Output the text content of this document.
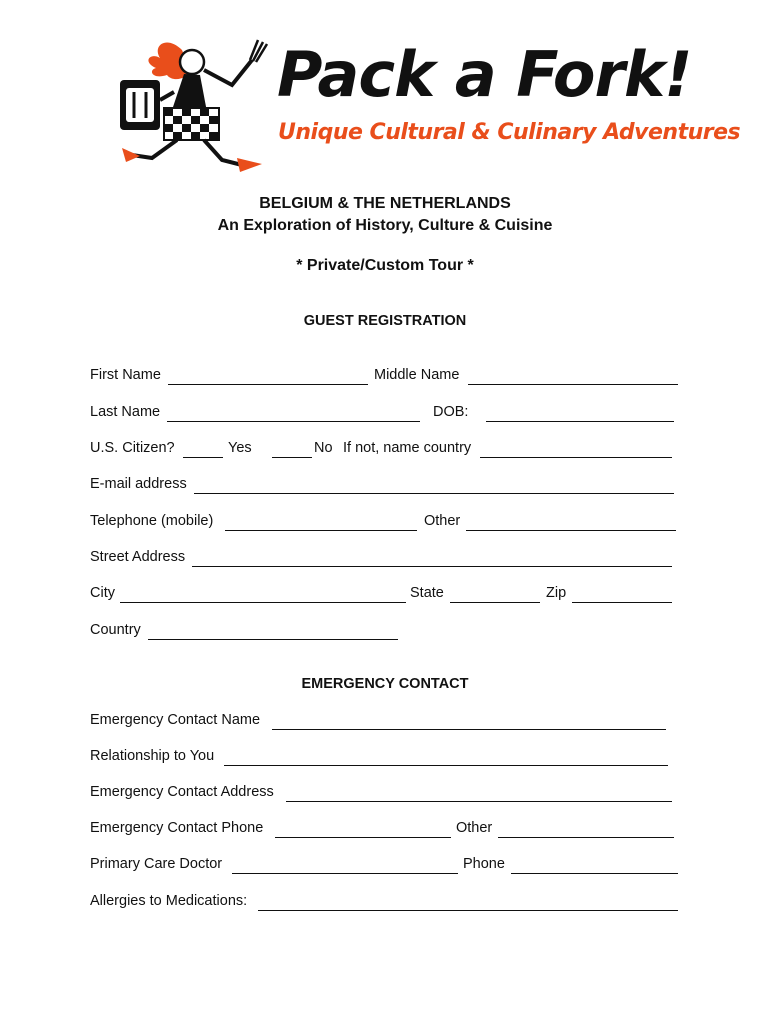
Pack a Fork!
Unique Cultural & Culinary Adventures
BELGIUM & THE NETHERLANDS
An Exploration of History, Culture & Cuisine
* Private/Custom Tour *
GUEST REGISTRATION
First Name	Middle Name
Last Name	DOB:
U.S. Citizen?	Yes	No If not, name country
E-mail address
Telephone (mobile)	Other
Street Address
City	State	Zip
Country
EMERGENCY CONTACT
Emergency Contact Name
Relationship to You
Emergency Contact Address
Emergency Contact Phone	Other
Primary Care Doctor	Phone
Allergies to Medications:
